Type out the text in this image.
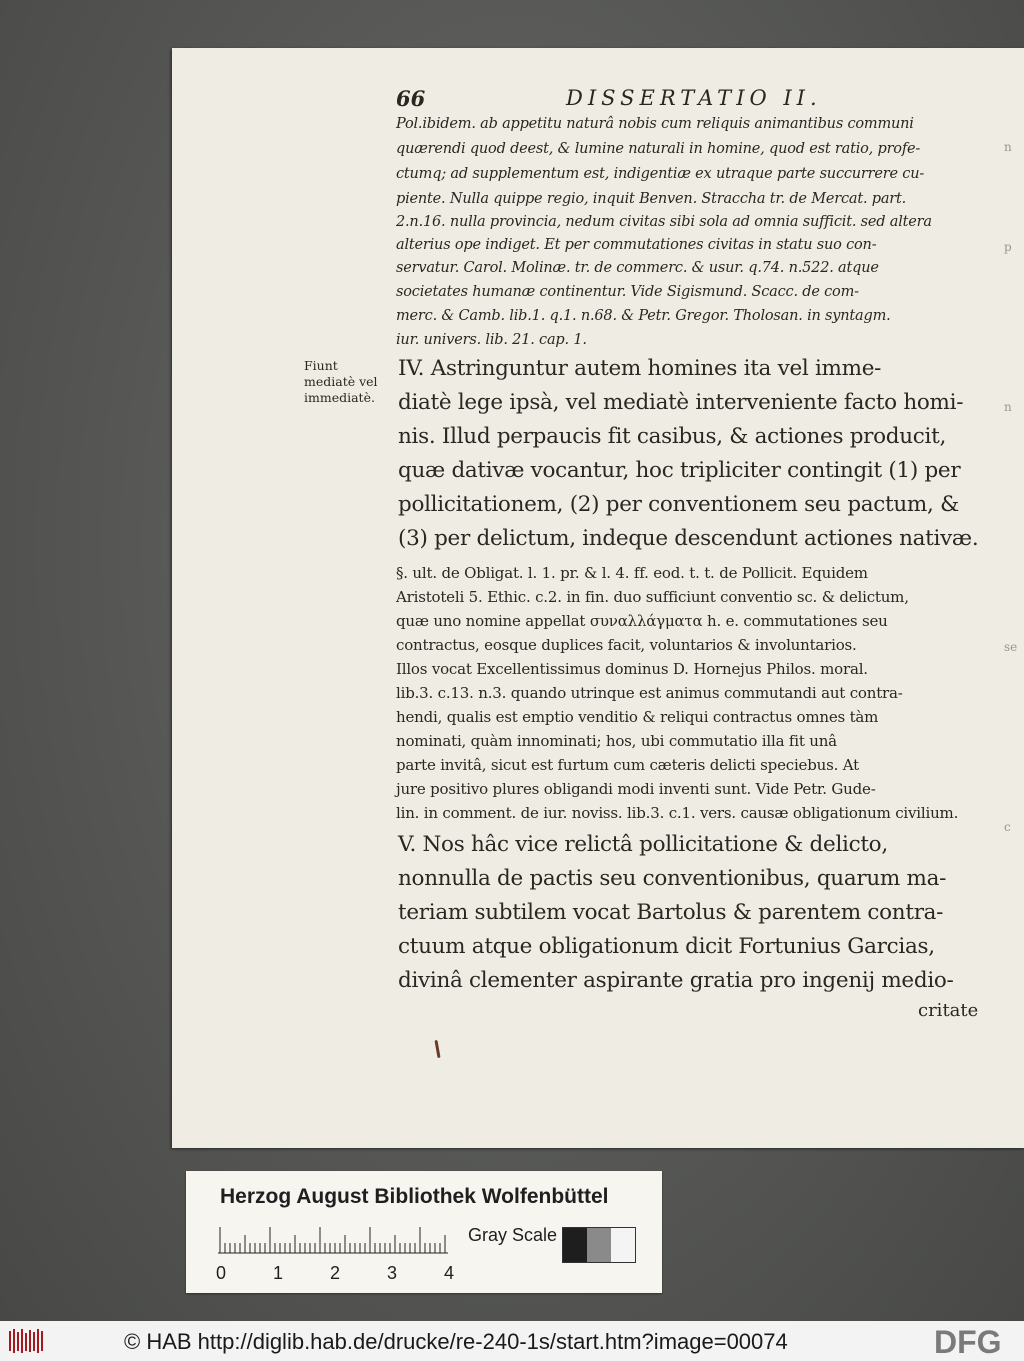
n
p
n
se
c
66	DISSERTATIO II.
Pol.ibidem. ab appetitu naturâ nobis cum reliquis animantibus communi
quærendi quod deest, & lumine naturali in homine, quod est ratio, profe-
ctumq; ad supplementum est, indigentiæ ex utraque parte succurrere cu-
piente. Nulla quippe regio, inquit Benven. Straccha tr. de Mercat. part.
2.n.16. nulla provincia, nedum civitas sibi sola ad omnia sufficit. sed altera
alterius ope indiget. Et per commutationes civitas in statu suo con-
servatur. Carol. Molinæ. tr. de commerc. & usur. q.74. n.522. atque
societates humanæ continentur. Vide Sigismund. Scacc. de com-
merc. & Camb. lib.1. q.1. n.68. & Petr. Gregor. Tholosan. in syntagm.
iur. univers. lib. 21. cap. 1.
Fiunt mediatè vel immediatè.
IV. Astringuntur autem homines ita vel imme-
diatè lege ipsà, vel mediatè interveniente facto homi-
nis. Illud perpaucis fit casibus, & actiones producit,
quæ dativæ vocantur, hoc tripliciter contingit (1) per
pollicitationem, (2) per conventionem seu pactum, &
(3) per delictum, indeque descendunt actiones nativæ.
§. ult. de Obligat. l. 1. pr. & l. 4. ff. eod. t. t. de Pollicit. Equidem
Aristoteli 5. Ethic. c.2. in fin. duo sufficiunt conventio sc. & delictum,
quæ uno nomine appellat συναλλάγματα h. e. commutationes seu
contractus, eosque duplices facit, voluntarios & involuntarios.
Illos vocat Excellentissimus dominus D. Hornejus Philos. moral.
lib.3. c.13. n.3. quando utrinque est animus commutandi aut contra-
hendi, qualis est emptio venditio & reliqui contractus omnes tàm
nominati, quàm innominati; hos, ubi commutatio illa fit unâ
parte invitâ, sicut est furtum cum cæteris delicti speciebus. At
jure positivo plures obligandi modi inventi sunt. Vide Petr. Gude-
lin. in comment. de iur. noviss. lib.3. c.1. vers. causæ obligationum civilium.
V. Nos hâc vice relictâ pollicitatione & delicto,
nonnulla de pactis seu conventionibus, quarum ma-
teriam subtilem vocat Bartolus & parentem contra-
ctuum atque obligationum dicit Fortunius Garcias,
divinâ clementer aspirante gratia pro ingenij medio-
critate
Herzog August Bibliothek Wolfenbüttel
0	1	2	3	4
Gray Scale
© HAB http://diglib.hab.de/drucke/re-240-1s/start.htm?image=00074	DFG
